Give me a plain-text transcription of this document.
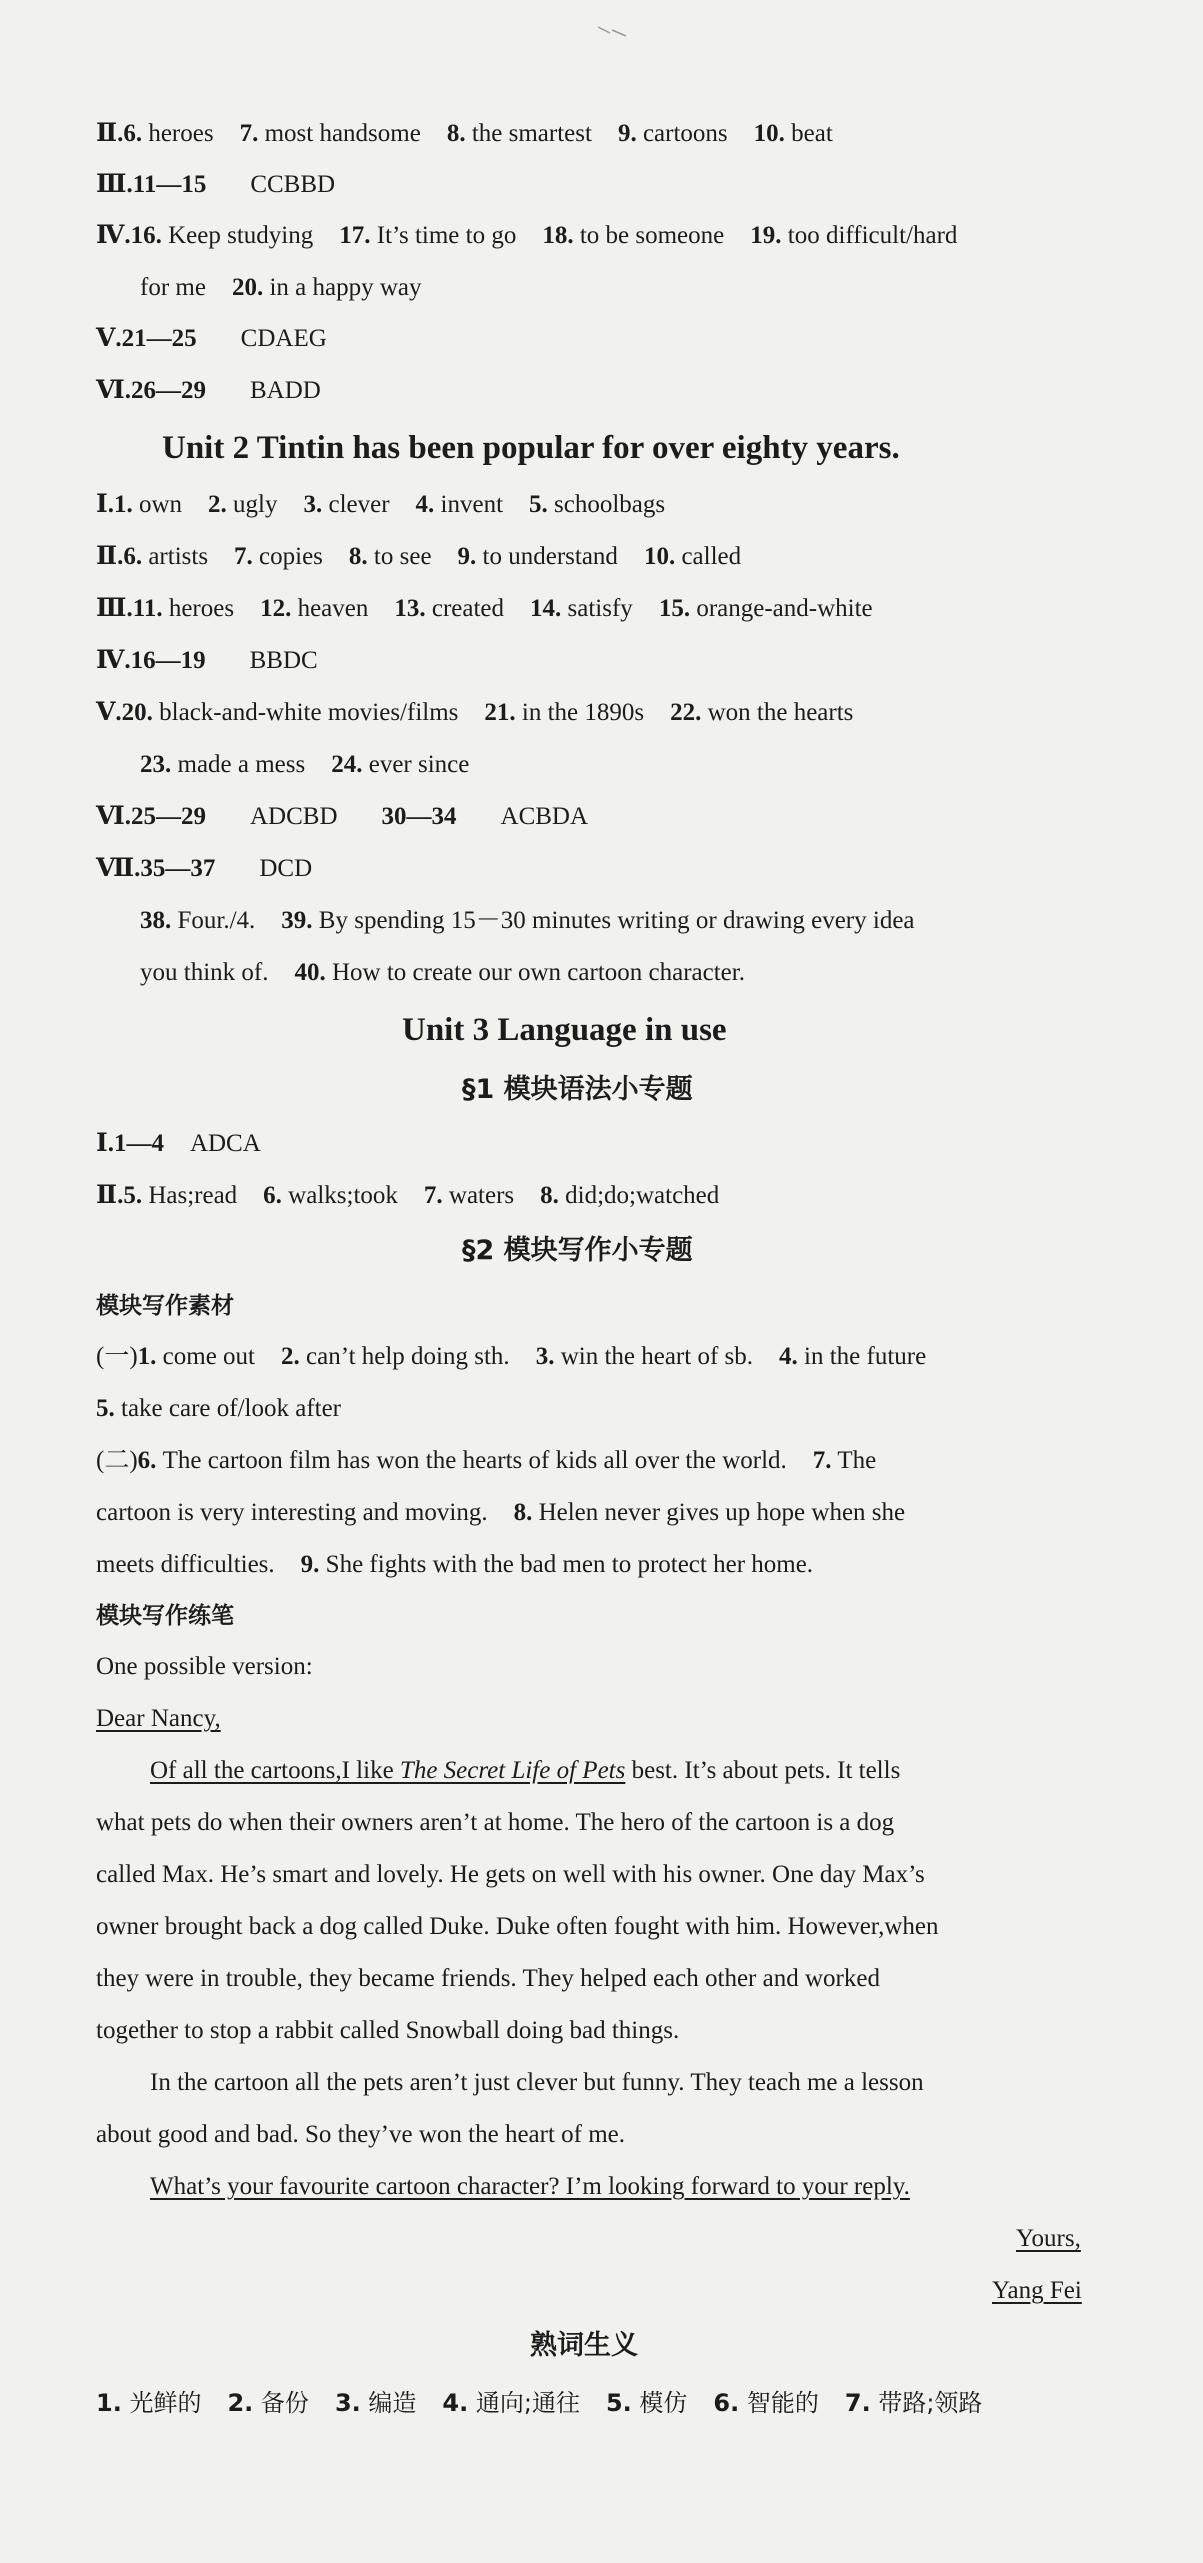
Ⅱ.6. heroes 7. most handsome 8. the smartest 9. cartoons 10. beat
Ⅲ.11—15 CCBBD
Ⅳ.16. Keep studying 17. It’s time to go 18. to be someone 19. too difficult/hard
for me 20. in a happy way
Ⅴ.21—25 CDAEG
Ⅵ.26—29 BADD
Unit 2 Tintin has been popular for over eighty years.
Ⅰ.1. own 2. ugly 3. clever 4. invent 5. schoolbags
Ⅱ.6. artists 7. copies 8. to see 9. to understand 10. called
Ⅲ.11. heroes 12. heaven 13. created 14. satisfy 15. orange-and-white
Ⅳ.16—19 BBDC
Ⅴ.20. black-and-white movies/films 21. in the 1890s 22. won the hearts
23. made a mess 24. ever since
Ⅵ.25—29 ADCBD 30—34 ACBDA
Ⅶ.35—37 DCD
38. Four./4. 39. By spending 15－30 minutes writing or drawing every idea
you think of. 40. How to create our own cartoon character.
Unit 3 Language in use
§1 模块语法小专题
Ⅰ.1—4 ADCA
Ⅱ.5. Has;read 6. walks;took 7. waters 8. did;do;watched
§2 模块写作小专题
模块写作素材
(一)1. come out 2. can’t help doing sth. 3. win the heart of sb. 4. in the future
5. take care of/look after
(二)6. The cartoon film has won the hearts of kids all over the world. 7. The
cartoon is very interesting and moving. 8. Helen never gives up hope when she
meets difficulties. 9. She fights with the bad men to protect her home.
模块写作练笔
One possible version:
Dear Nancy,
Of all the cartoons,I like The Secret Life of Pets best. It’s about pets. It tells
what pets do when their owners aren’t at home. The hero of the cartoon is a dog
called Max. He’s smart and lovely. He gets on well with his owner. One day Max’s
owner brought back a dog called Duke. Duke often fought with him. However,when
they were in trouble, they became friends. They helped each other and worked
together to stop a rabbit called Snowball doing bad things.
In the cartoon all the pets aren’t just clever but funny. They teach me a lesson
about good and bad. So they’ve won the heart of me.
What’s your favourite cartoon character? I’m looking forward to your reply.
Yours,
Yang Fei
熟词生义
1. 光鲜的 2. 备份 3. 编造 4. 通向;通往 5. 模仿 6. 智能的 7. 带路;领路
